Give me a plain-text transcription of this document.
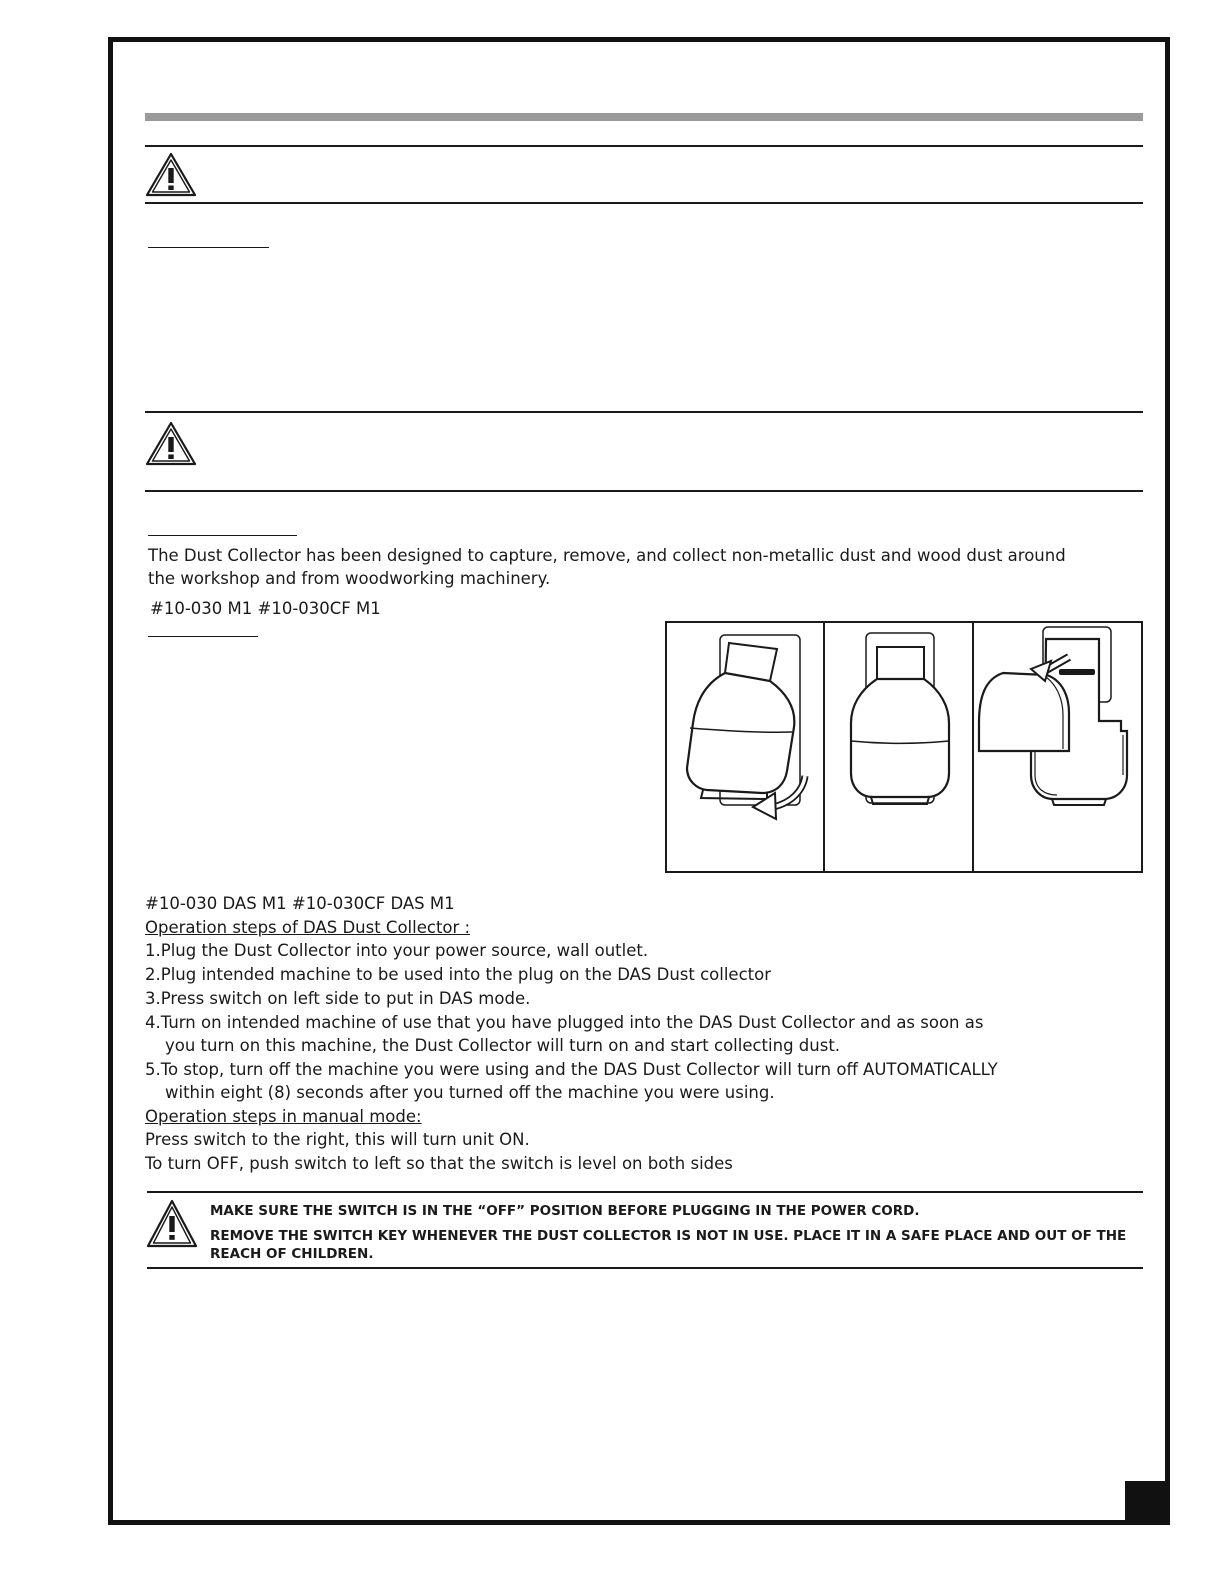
The Dust Collector has been designed to capture, remove, and collect non-metallic dust and wood dust around
the workshop and from woodworking machinery.
#10-030 M1 #10-030CF M1
#10-030 DAS M1 #10-030CF DAS M1
Operation steps of DAS Dust Collector :
1.Plug the Dust Collector into your power source, wall outlet.
2.Plug intended machine to be used into the plug on the DAS Dust collector
3.Press switch on left side to put in DAS mode.
4.Turn on intended machine of use that you have plugged into the DAS Dust Collector and as soon as
you turn on this machine, the Dust Collector will turn on and start collecting dust.
5.To stop, turn off the machine you were using and the DAS Dust Collector will turn off AUTOMATICALLY
within eight (8) seconds after you turned off the machine you were using.
Operation steps in manual mode:
Press switch to the right, this will turn unit ON.
To turn OFF, push switch to left so that the switch is level on both sides
MAKE SURE THE SWITCH IS IN THE “OFF” POSITION BEFORE PLUGGING IN THE POWER CORD.
REMOVE THE SWITCH KEY WHENEVER THE DUST COLLECTOR IS NOT IN USE. PLACE IT IN A SAFE PLACE AND OUT OF THE
REACH OF CHILDREN.
